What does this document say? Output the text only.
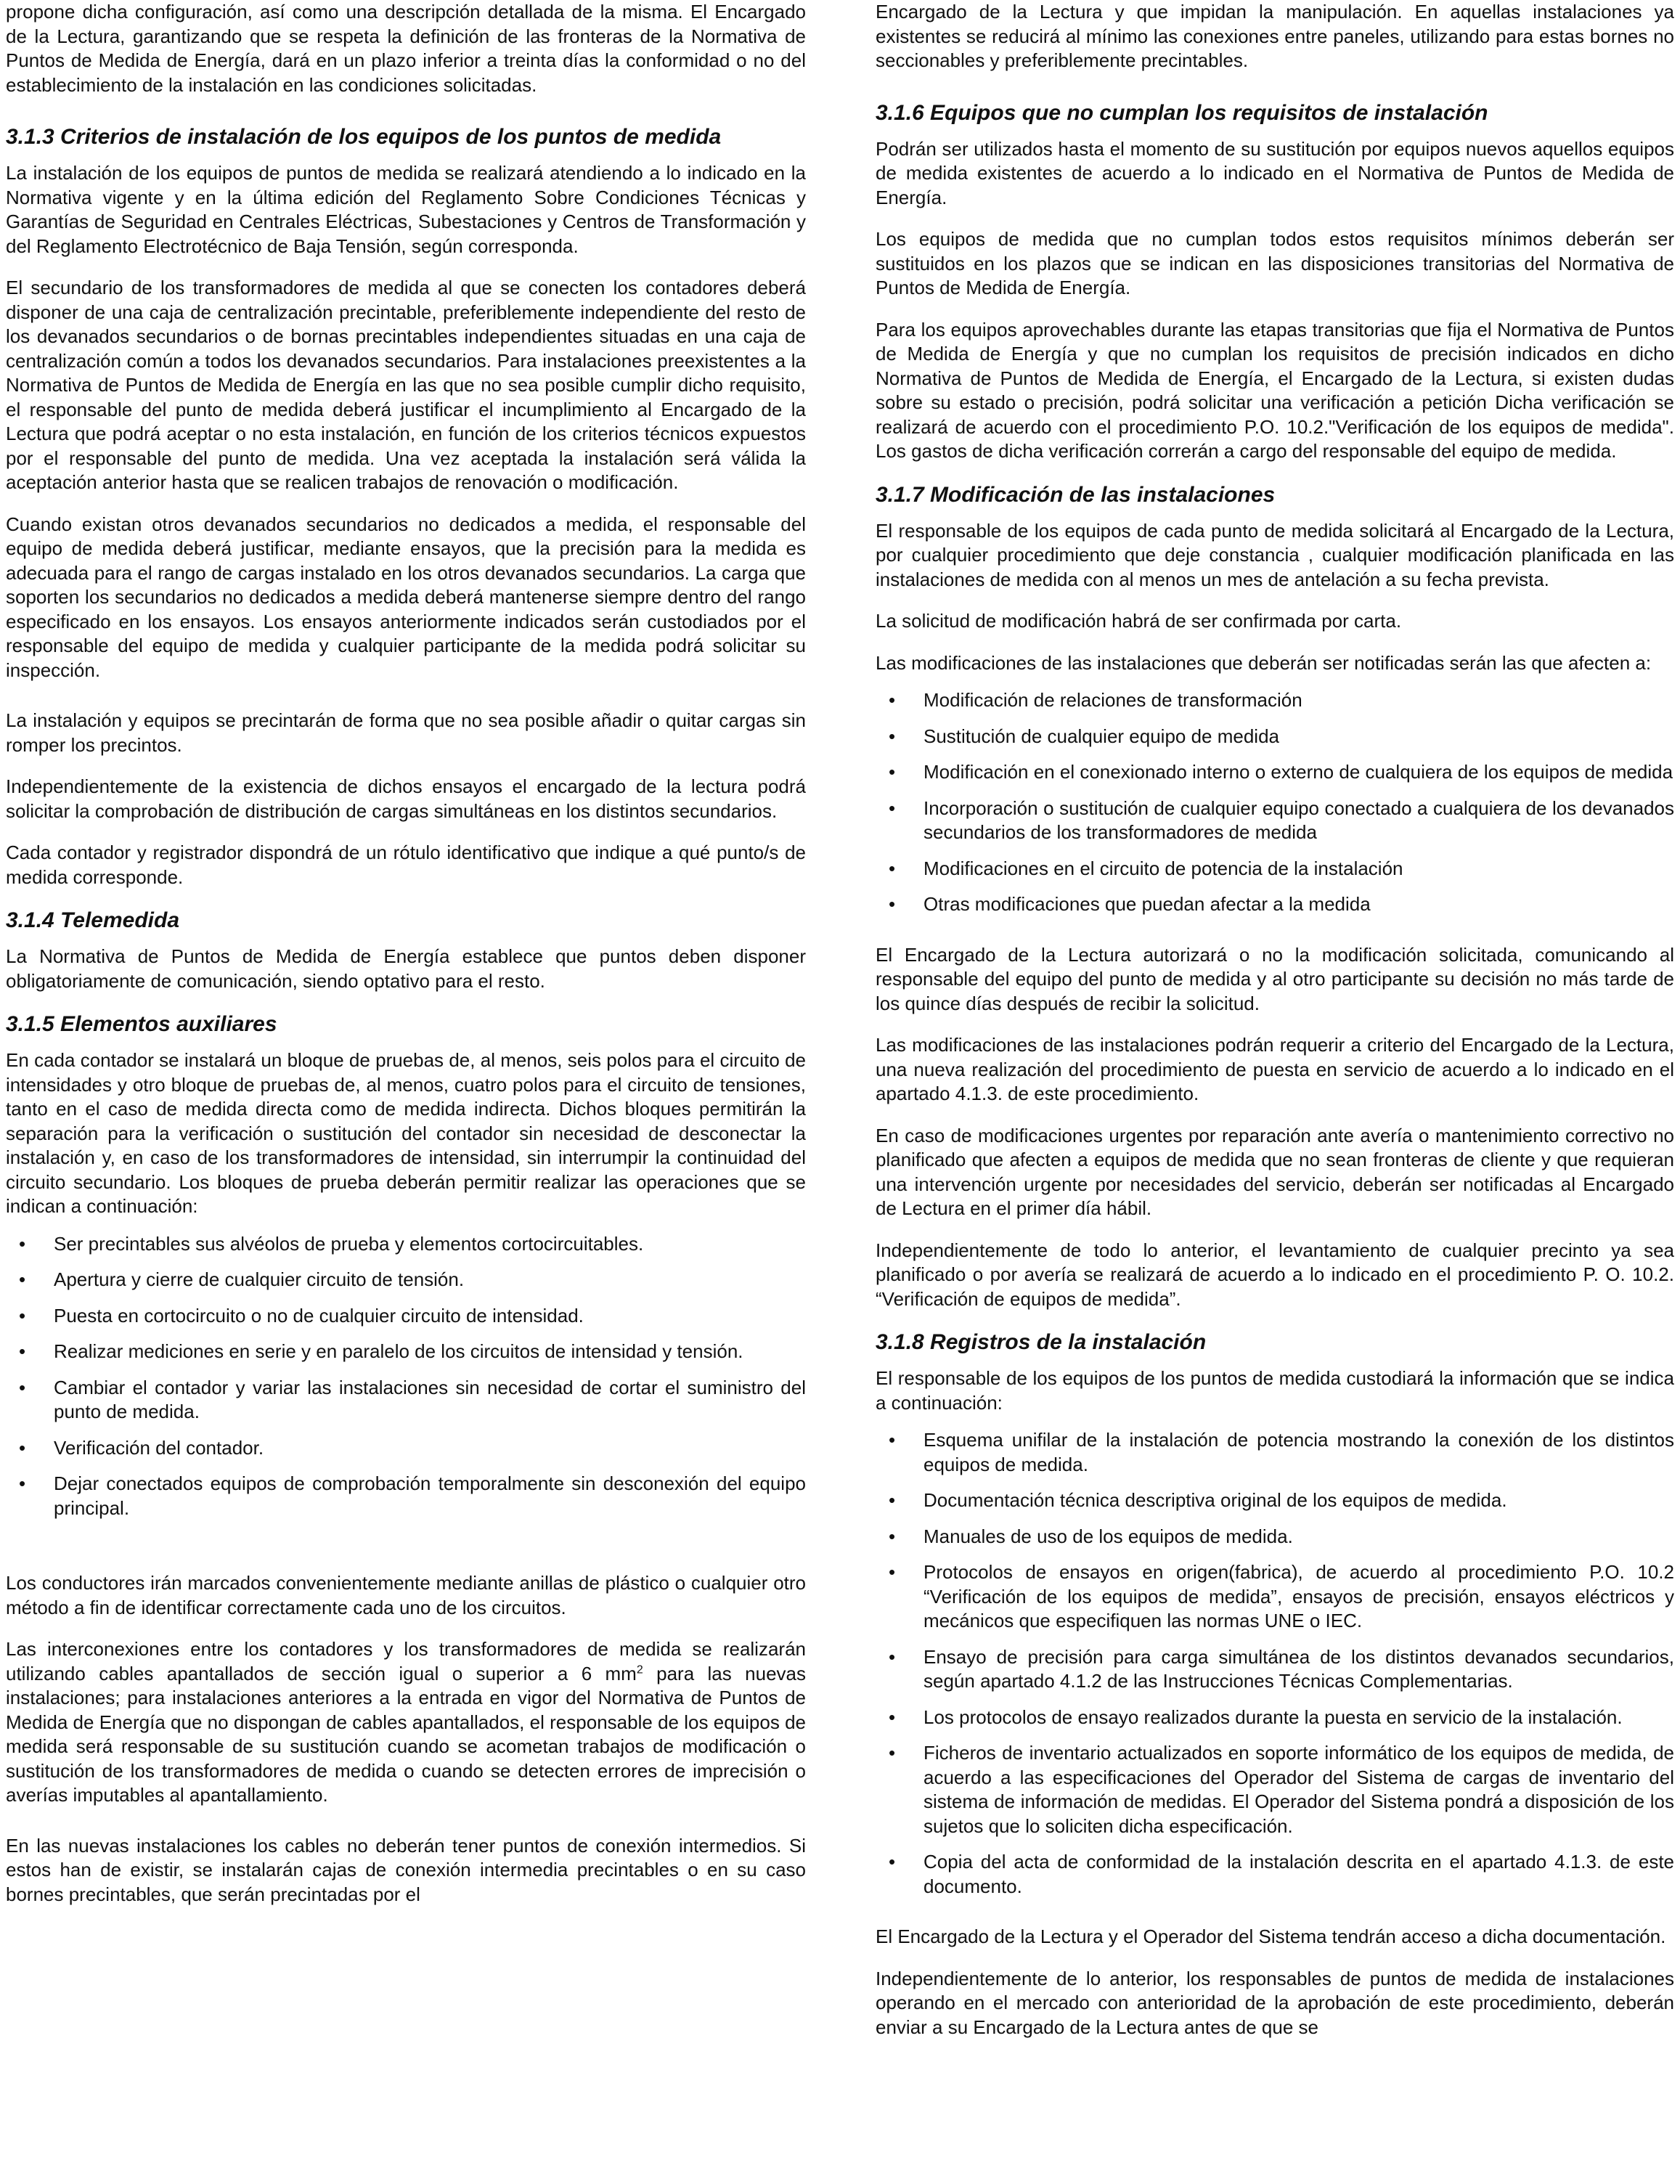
propone dicha configuración, así como una descripción detallada de la misma. El Encargado de la Lectura, garantizando que se respeta la definición de las fronteras de la Normativa de Puntos de Medida de Energía, dará en un plazo inferior a treinta días la conformidad o no del establecimiento de la instalación en las condiciones solicitadas.

3.1.3 Criterios de instalación de los equipos de los puntos de medida

La instalación de los equipos de puntos de medida se realizará atendiendo a lo indicado en la Normativa vigente y en la última edición del Reglamento Sobre Condiciones Técnicas y Garantías de Seguridad en Centrales Eléctricas, Subestaciones y Centros de Transformación y del Reglamento Electrotécnico de Baja Tensión, según corresponda.

El secundario de los transformadores de medida al que se conecten los contadores deberá disponer de una caja de centralización precintable, preferiblemente independiente del resto de los devanados secundarios o de bornas precintables independientes situadas en una caja de centralización común a todos los devanados secundarios. Para instalaciones preexistentes a la Normativa de Puntos de Medida de Energía en las que no sea posible cumplir dicho requisito, el responsable del punto de medida deberá justificar el incumplimiento al Encargado de la Lectura que podrá aceptar o no esta instalación, en función de los criterios técnicos expuestos por el responsable del punto de medida. Una vez aceptada la instalación será válida la aceptación anterior hasta que se realicen trabajos de renovación o modificación.

Cuando existan otros devanados secundarios no dedicados a medida, el responsable del equipo de medida deberá justificar, mediante ensayos, que la precisión para la medida es adecuada para el rango de cargas instalado en los otros devanados secundarios. La carga que soporten los secundarios no dedicados a medida deberá mantenerse siempre dentro del rango especificado en los ensayos. Los ensayos anteriormente indicados serán custodiados por el responsable del equipo de medida y cualquier participante de la medida podrá solicitar su inspección.

La instalación y equipos se precintarán de forma que no sea posible añadir o quitar cargas sin romper los precintos.

Independientemente de la existencia de dichos ensayos el encargado de la lectura podrá solicitar la comprobación de distribución de cargas simultáneas en los distintos secundarios.

Cada contador y registrador dispondrá de un rótulo identificativo que indique a qué punto/s de medida corresponde.

3.1.4 Telemedida

La Normativa de Puntos de Medida de Energía establece que puntos deben disponer obligatoriamente de comunicación, siendo optativo para el resto.

3.1.5 Elementos auxiliares

En cada contador se instalará un bloque de pruebas de, al menos, seis polos para el circuito de intensidades y otro bloque de pruebas de, al menos, cuatro polos para el circuito de tensiones, tanto en el caso de medida directa como de medida indirecta. Dichos bloques permitirán la separación para la verificación o sustitución del contador sin necesidad de desconectar la instalación y, en caso de los transformadores de intensidad, sin interrumpir la continuidad del circuito secundario. Los bloques de prueba deberán permitir realizar las operaciones que se indican a continuación:

• Ser precintables sus alvéolos de prueba y elementos cortocircuitables.
• Apertura y cierre de cualquier circuito de tensión.
• Puesta en cortocircuito o no de cualquier circuito de intensidad.
• Realizar mediciones en serie y en paralelo de los circuitos de intensidad y tensión.
• Cambiar el contador y variar las instalaciones sin necesidad de cortar el suministro del punto de medida.
• Verificación del contador.
• Dejar conectados equipos de comprobación temporalmente sin desconexión del equipo principal.

Los conductores irán marcados convenientemente mediante anillas de plástico o cualquier otro método a fin de identificar correctamente cada uno de los circuitos.

Las interconexiones entre los contadores y los transformadores de medida se realizarán utilizando cables apantallados de sección igual o superior a 6 $mm^2$ para las nuevas instalaciones; para instalaciones anteriores a la entrada en vigor del Normativa de Puntos de Medida de Energía que no dispongan de cables apantallados, el responsable de los equipos de medida será responsable de su sustitución cuando se acometan trabajos de modificación o sustitución de los transformadores de medida o cuando se detecten errores de imprecisión o averías imputables al apantallamiento.

En las nuevas instalaciones los cables no deberán tener puntos de conexión intermedios. Si estos han de existir, se instalarán cajas de conexión intermedia precintables o en su caso bornes precintables, que serán precintadas por el

Encargado de la Lectura y que impidan la manipulación. En aquellas instalaciones ya existentes se reducirá al mínimo las conexiones entre paneles, utilizando para estas bornes no seccionables y preferiblemente precintables.

3.1.6 Equipos que no cumplan los requisitos de instalación

Podrán ser utilizados hasta el momento de su sustitución por equipos nuevos aquellos equipos de medida existentes de acuerdo a lo indicado en el Normativa de Puntos de Medida de Energía.

Los equipos de medida que no cumplan todos estos requisitos mínimos deberán ser sustituidos en los plazos que se indican en las disposiciones transitorias del Normativa de Puntos de Medida de Energía.

Para los equipos aprovechables durante las etapas transitorias que fija el Normativa de Puntos de Medida de Energía y que no cumplan los requisitos de precisión indicados en dicho Normativa de Puntos de Medida de Energía, el Encargado de la Lectura, si existen dudas sobre su estado o precisión, podrá solicitar una verificación a petición Dicha verificación se realizará de acuerdo con el procedimiento P.O. 10.2."Verificación de los equipos de medida". Los gastos de dicha verificación correrán a cargo del responsable del equipo de medida.

3.1.7 Modificación de las instalaciones

El responsable de los equipos de cada punto de medida solicitará al Encargado de la Lectura, por cualquier procedimiento que deje constancia , cualquier modificación planificada en las instalaciones de medida con al menos un mes de antelación a su fecha prevista.

La solicitud de modificación habrá de ser confirmada por carta.

Las modificaciones de las instalaciones que deberán ser notificadas serán las que afecten a:

• Modificación de relaciones de transformación
• Sustitución de cualquier equipo de medida
• Modificación en el conexionado interno o externo de cualquiera de los equipos de medida
• Incorporación o sustitución de cualquier equipo conectado a cualquiera de los devanados secundarios de los transformadores de medida
• Modificaciones en el circuito de potencia de la instalación
• Otras modificaciones que puedan afectar a la medida

El Encargado de la Lectura autorizará o no la modificación solicitada, comunicando al responsable del equipo del punto de medida y al otro participante su decisión no más tarde de los quince días después de recibir la solicitud.

Las modificaciones de las instalaciones podrán requerir a criterio del Encargado de la Lectura, una nueva realización del procedimiento de puesta en servicio de acuerdo a lo indicado en el apartado 4.1.3. de este procedimiento.

En caso de modificaciones urgentes por reparación ante avería o mantenimiento correctivo no planificado que afecten a equipos de medida que no sean fronteras de cliente y que requieran una intervención urgente por necesidades del servicio, deberán ser notificadas al Encargado de Lectura en el primer día hábil.

Independientemente de todo lo anterior, el levantamiento de cualquier precinto ya sea planificado o por avería se realizará de acuerdo a lo indicado en el procedimiento P. O. 10.2. “Verificación de equipos de medida”.

3.1.8 Registros de la instalación

El responsable de los equipos de los puntos de medida custodiará la información que se indica a continuación:

• Esquema unifilar de la instalación de potencia mostrando la conexión de los distintos equipos de medida.
• Documentación técnica descriptiva original de los equipos de medida.
• Manuales de uso de los equipos de medida.
• Protocolos de ensayos en origen(fabrica), de acuerdo al procedimiento P.O. 10.2 “Verificación de los equipos de medida”, ensayos de precisión, ensayos eléctricos y mecánicos que especifiquen las normas UNE o IEC.
• Ensayo de precisión para carga simultánea de los distintos devanados secundarios, según apartado 4.1.2 de las Instrucciones Técnicas Complementarias.
• Los protocolos de ensayo realizados durante la puesta en servicio de la instalación.
• Ficheros de inventario actualizados en soporte informático de los equipos de medida, de acuerdo a las especificaciones del Operador del Sistema de cargas de inventario del sistema de información de medidas. El Operador del Sistema pondrá a disposición de los sujetos que lo soliciten dicha especificación.
• Copia del acta de conformidad de la instalación descrita en el apartado 4.1.3. de este documento.

El Encargado de la Lectura y el Operador del Sistema tendrán acceso a dicha documentación.

Independientemente de lo anterior, los responsables de puntos de medida de instalaciones operando en el mercado con anterioridad de la aprobación de este procedimiento, deberán enviar a su Encargado de la Lectura antes de que se
